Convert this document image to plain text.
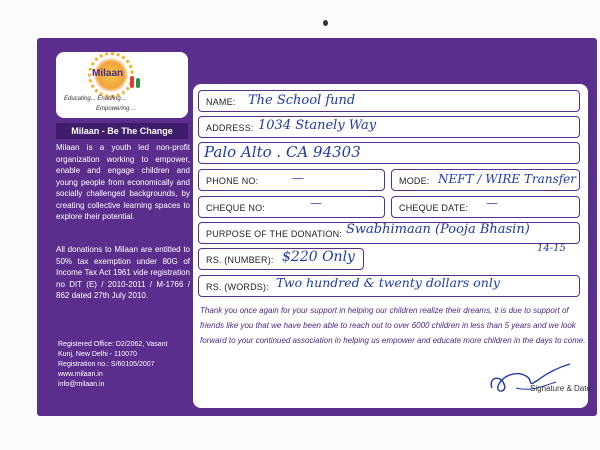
Milaan
Educating... Enabling...
Empowering ...
Milaan - Be The Change
Milaan is a youth led non-profit organization working to empower, enable and engage children and young people from economically and socially challenged backgrounds, by creating collective learning spaces to explore their potential.
All donations to Milaan are entitled to 50% tax exemption under 80G of Income Tax Act 1961 vide registration no DIT (E) / 2010-2011 / M-1766 / 862 dated 27th July 2010.
Registered Office: D2/2062, Vasant
Kunj, New Delhi - 110070
Registration no.: S/60105/2007
www.milaan.in
info@milaan.in
NAME: The School fund
ADDRESS: 1034 Stanely Way
Palo Alto . CA 94303
PHONE NO:	—	MODE: NEFT / WIRE Transfer
CHEQUE NO:	—	CHEQUE DATE: —
PURPOSE OF THE DONATION: Swabhimaan (Pooja Bhasin)
14-15
RS. (NUMBER): $220 Only
RS. (WORDS): Two hundred & twenty dollars only
Thank you once again for your support in helping our children realize their dreams, it is due to support of friends like you that we have been able to reach out to over 6000 children in less than 5 years and we look forward to your continued association in helping us empower and educate more children in the days to come.
Signature & Date
